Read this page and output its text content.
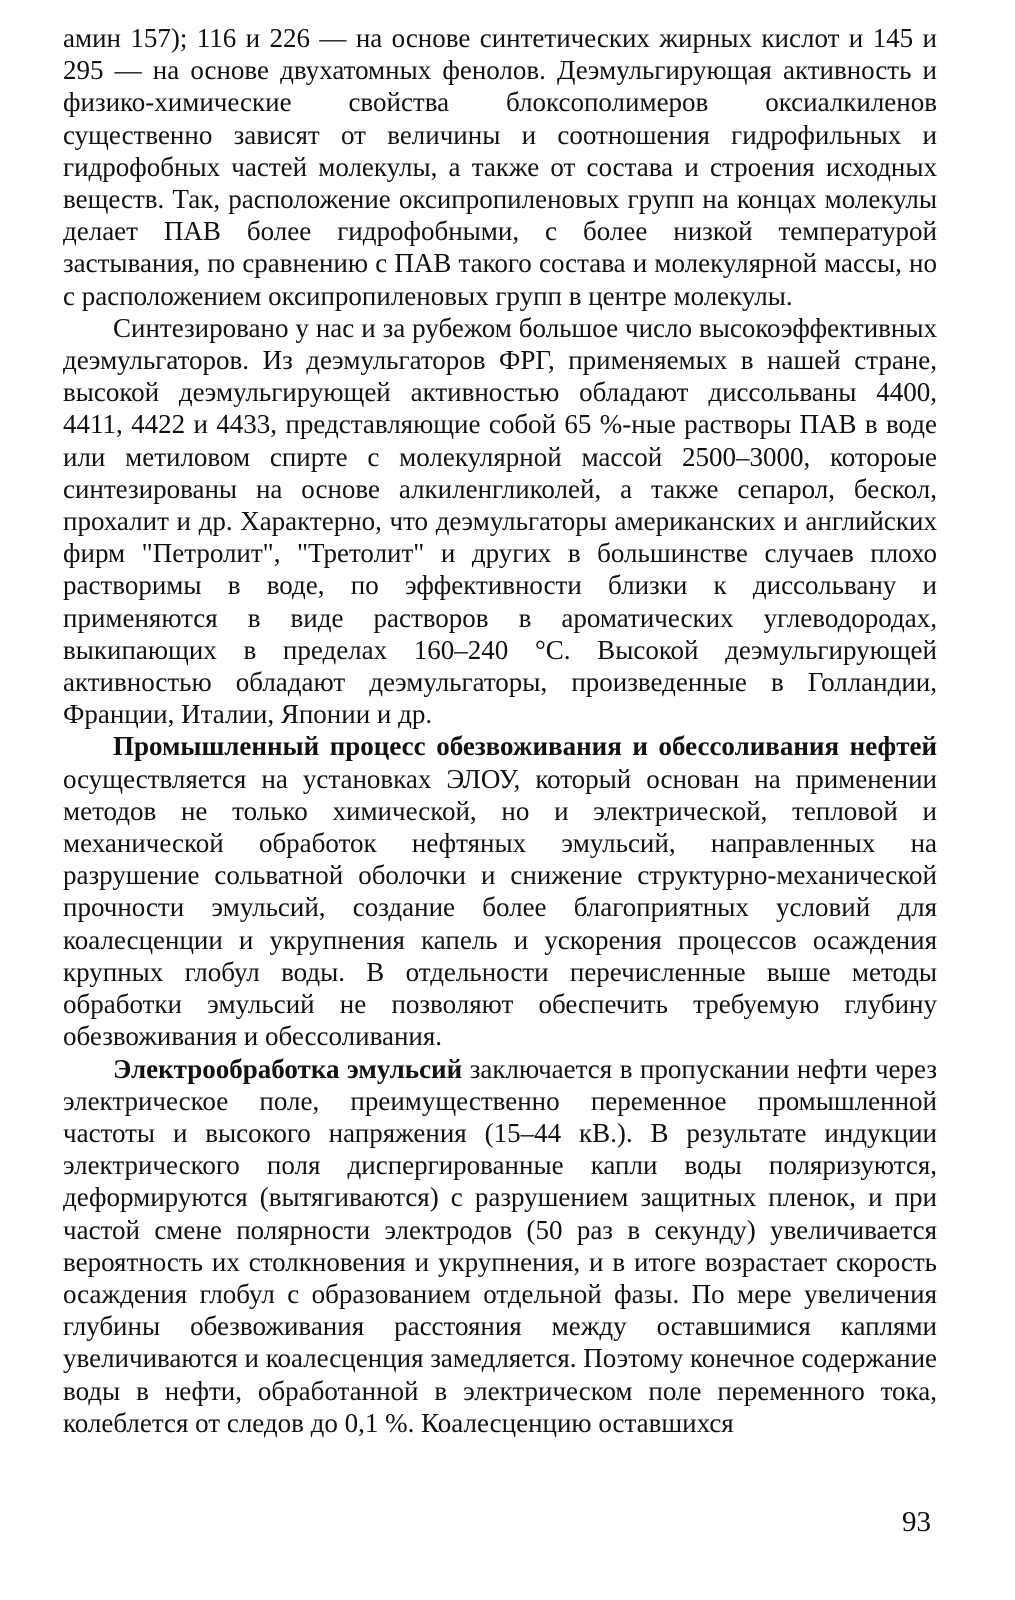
амин 157); 116 и 226 — на основе синтетических жирных кислот и 145 и 295 — на основе двухатомных фенолов. Деэмульгирующая активность и физико-химические свойства блоксополимеров оксиалкиленов существенно зависят от величины и соотношения гидрофильных и гидрофобных частей молекулы, а также от состава и строения исходных веществ. Так, расположение оксипропиленовых групп на концах молекулы делает ПАВ более гидрофобными, с более низкой температурой застывания, по сравнению с ПАВ такого состава и молекулярной массы, но с расположением оксипропиленовых групп в центре молекулы.

Синтезировано у нас и за рубежом большое число высокоэффективных деэмульгаторов. Из деэмульгаторов ФРГ, применяемых в нашей стране, высокой деэмульгирующей активностью обладают диссольваны 4400, 4411, 4422 и 4433, представляющие собой 65 %-ные растворы ПАВ в воде или метиловом спирте с молекулярной массой 2500–3000, котороые синтезированы на основе алкиленгликолей, а также сепарол, бескол, прохалит и др. Характерно, что деэмульгаторы американских и английских фирм "Петролит", "Третолит" и других в большинстве случаев плохо растворимы в воде, по эффективности близки к диссольвану и применяются в виде растворов в ароматических углеводородах, выкипающих в пределах 160–240 °С. Высокой деэмульгирующей активностью обладают деэмульгаторы, произведенные в Голландии, Франции, Италии, Японии и др.

Промышленный процесс обезвоживания и обессоливания нефтей осуществляется на установках ЭЛОУ, который основан на применении методов не только химической, но и электрической, тепловой и механической обработок нефтяных эмульсий, направленных на разрушение сольватной оболочки и снижение структурно-механической прочности эмульсий, создание более благоприятных условий для коалесценции и укрупнения капель и ускорения процессов осаждения крупных глобул воды. В отдельности перечисленные выше методы обработки эмульсий не позволяют обеспечить требуемую глубину обезвоживания и обессоливания.

Электрообработка эмульсий заключается в пропускании нефти через электрическое поле, преимущественно переменное промышленной частоты и высокого напряжения (15–44 кВ.). В результате индукции электрического поля диспергированные капли воды поляризуются, деформируются (вытягиваются) с разрушением защитных пленок, и при частой смене полярности электродов (50 раз в секунду) увеличивается вероятность их столкновения и укрупнения, и в итоге возрастает скорость осаждения глобул с образованием отдельной фазы. По мере увеличения глубины обезвоживания расстояния между оставшимися каплями увеличиваются и коалесценция замедляется. Поэтому конечное содержание воды в нефти, обработанной в электрическом поле переменного тока, колеблется от следов до 0,1 %. Коалесценцию оставшихся

93
